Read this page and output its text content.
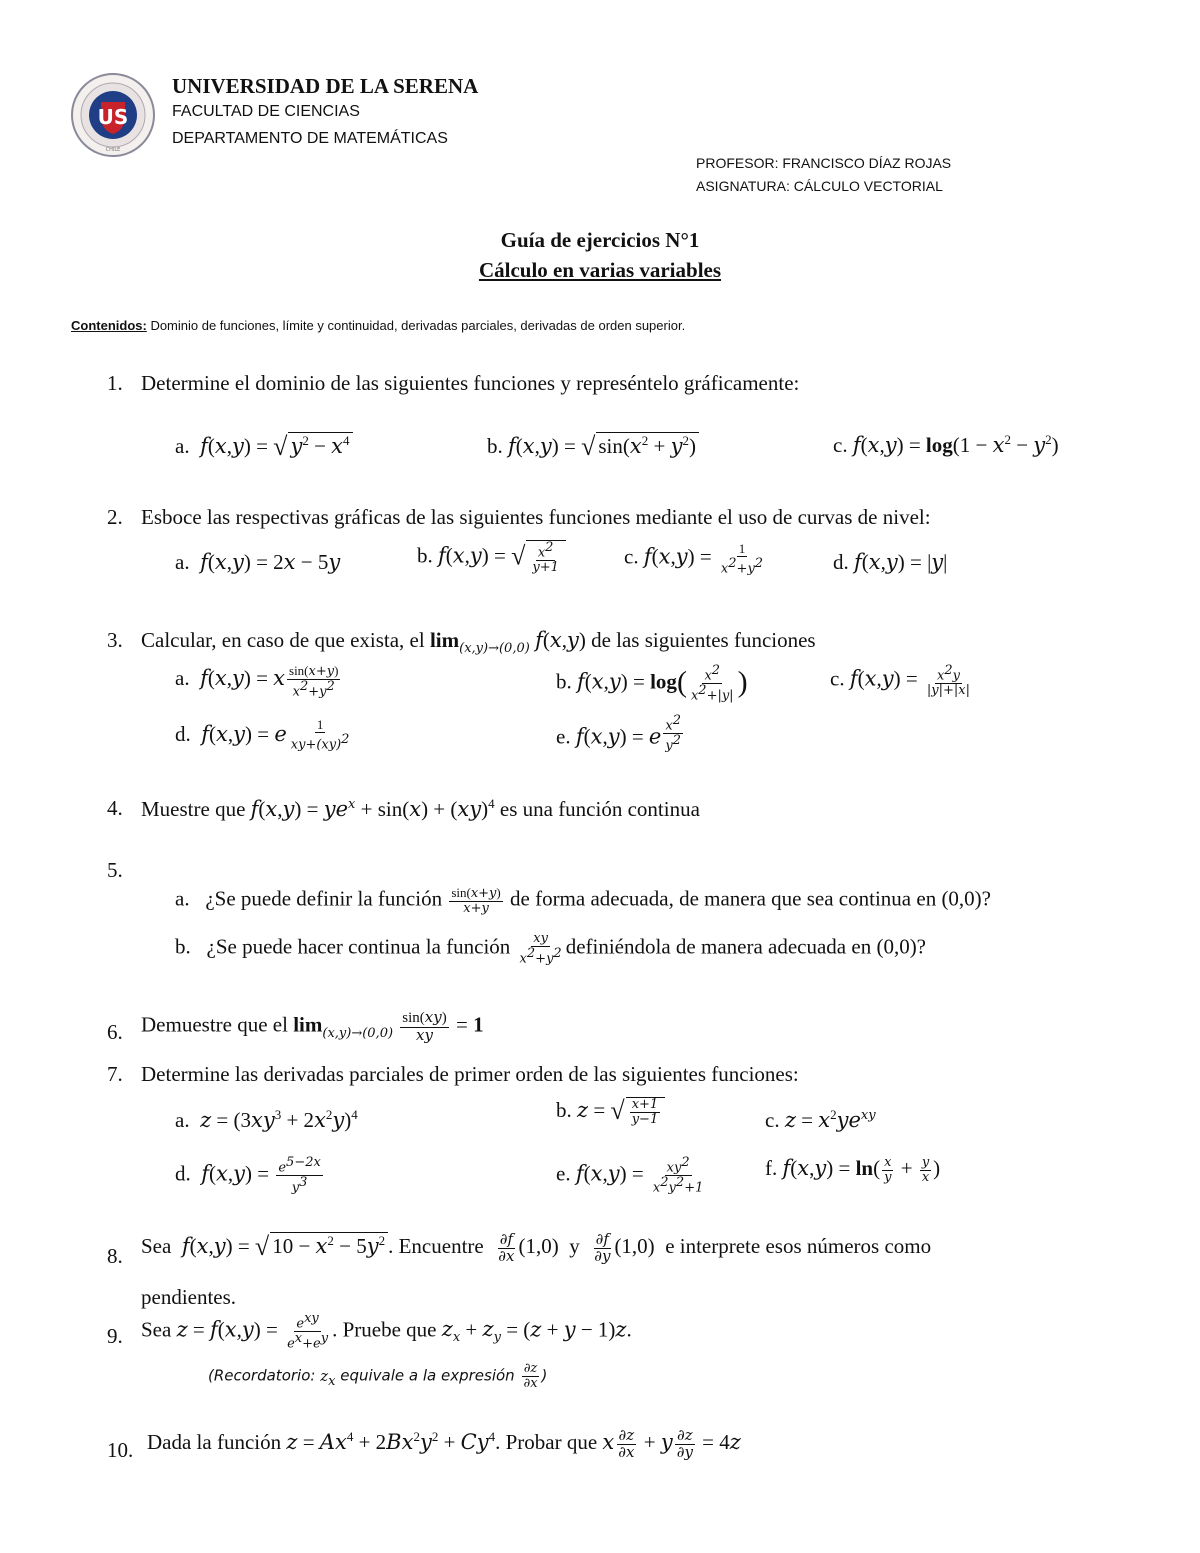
US
CHILE
UNIVERSIDAD DE LA SERENA
FACULTAD DE CIENCIAS
DEPARTAMENTO DE MATEMÁTICAS
PROFESOR: FRANCISCO DÍAZ ROJAS
ASIGNATURA: CÁLCULO VECTORIAL
Guía de ejercicios N°1
Cálculo en varias variables
Contenidos: Dominio de funciones, límite y continuidad, derivadas parciales, derivadas de orden superior.
1. Determine el dominio de las siguientes funciones y represéntelo gráficamente:
a.  f(x,y) = √ $y^2 - x^4$	b. f(x,y) = √ $\sin(x^2 + y^2)$	c. $f(x,y) = \log(1 - x^2 - y^2)$
2. Esboce las respectivas gráficas de las siguientes funciones mediante el uso de curvas de nivel:
a.  f(x,y) = 2x − 5y	b. f(x,y) = √ $\frac{x^2}{y+1}$	c. $f(x,y) = \frac{1}{x^2+y^2}$	d. f(x,y) = |y|
3. Calcular, en caso de que exista, el $\lim_{(x,y)\to(0,0)} f(x,y)$ de las siguientes funciones
a.  f(x,y) = x $\frac{\sin(x+y)}{x^2+y^2}$	b. $f(x,y) = \log( \frac{x^2}{x^2+|y|}$ )	c. $f(x,y) = \frac{x^2y}{|y|+|x|}$
d.  f(x,y) = e $\frac{1}{xy+(xy)^2}$	e. f(x,y) = e $\frac{x^2}{y^2}$
4. Muestre que $f(x,y) = ye^x + \sin(x) + (xy)^4$ es una función continua
5.
a.   ¿Se puede definir la función $\frac{\sin(x+y)}{x+y}$ de forma adecuada, de manera que sea continua en (0,0)?
b.   ¿Se puede hacer continua la función $\frac{xy}{x^2+y^2}$ definiéndola de manera adecuada en (0,0)?
6. Demuestre que el $\lim_{(x,y)\to(0,0)} \frac{\sin(xy)}{xy} = 1$
7. Determine las derivadas parciales de primer orden de las siguientes funciones:
a.  $z = (3xy^3 + 2x^2y)^4$	b. z = √ $\frac{x+1}{y-1}$	c. $z = x^2ye^{xy}$
d.  $f(x,y) = \frac{e^{5-2x}}{y^3}$	e. $f(x,y) = \frac{xy^2}{x^2y^2+1}$	f. $f(x,y) = \ln( \frac{x}{y} + \frac{y}{x}$ )
8. Sea f(x,y) = √ $10 - x^2 - 5y^2$ . Encuentre $\frac{\partial f}{\partial x} (1,0)$  y $\frac{\partial f}{\partial y} (1,0)$  e interprete esos números como
pendientes.
9. Sea $z = f(x,y) = \frac{e^{xy}}{e^x+e^y}$ . Pruebe que $z_x + z_y = (z + y - 1)z$.
(Recordatorio: $z_x$ equivale a la expresión $\frac{\partial z}{\partial x}$ )
10. Dada la función $z = Ax^4 + 2Bx^2y^2 + Cy^4$. Probar que x $\frac{\partial z}{\partial x} + y \frac{\partial z}{\partial y} = 4z$
